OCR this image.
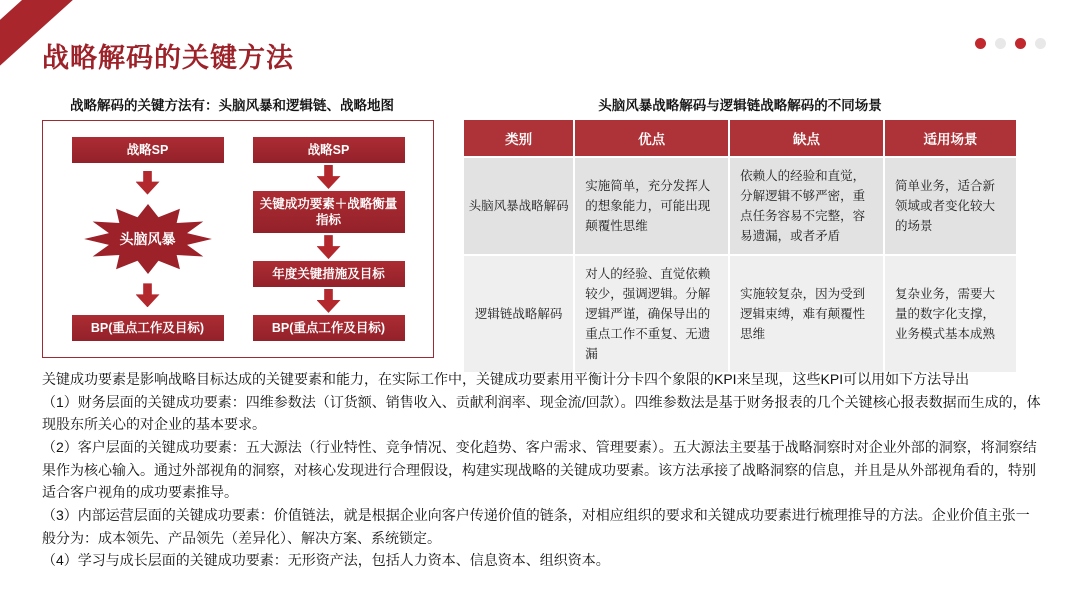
战略解码的关键方法
战略解码的关键方法有：头脑风暴和逻辑链、战略地图
战略SP
头脑风暴
BP(重点工作及目标)
战略SP
关键成功要素＋战略衡量指标
年度关键措施及目标
BP(重点工作及目标)
头脑风暴战略解码与逻辑链战略解码的不同场景
类别	优点	缺点	适用场景
头脑风暴战略解码	实施简单，充分发挥人的想象能力，可能出现颠覆性思维	依赖人的经验和直觉，分解逻辑不够严密，重点任务容易不完整，容易遗漏，或者矛盾	简单业务，适合新领域或者变化较大的场景
逻辑链战略解码	对人的经验、直觉依赖较少，强调逻辑。分解逻辑严谨，确保导出的重点工作不重复、无遗漏	实施较复杂，因为受到逻辑束缚，难有颠覆性思维	复杂业务，需要大量的数字化支撑，业务模式基本成熟

关键成功要素是影响战略目标达成的关键要素和能力，在实际工作中，关键成功要素用平衡计分卡四个象限的KPI来呈现，这些KPI可以用如下方法导出

（1）财务层面的关键成功要素：四维参数法（订货额、销售收入、贡献利润率、现金流/回款）。四维参数法是基于财务报表的几个关键核心报表数据而生成的，体现股东所关心的对企业的基本要求。

（2）客户层面的关键成功要素：五大源法（行业特性、竞争情况、变化趋势、客户需求、管理要素）。五大源法主要基于战略洞察时对企业外部的洞察，将洞察结果作为核心输入。通过外部视角的洞察，对核心发现进行合理假设，构建实现战略的关键成功要素。该方法承接了战略洞察的信息，并且是从外部视角看的，特别适合客户视角的成功要素推导。

（3）内部运营层面的关键成功要素：价值链法，就是根据企业向客户传递价值的链条，对相应组织的要求和关键成功要素进行梳理推导的方法。企业价值主张一般分为：成本领先、产品领先（差异化）、解决方案、系统锁定。

（4）学习与成长层面的关键成功要素：无形资产法，包括人力资本、信息资本、组织资本。
